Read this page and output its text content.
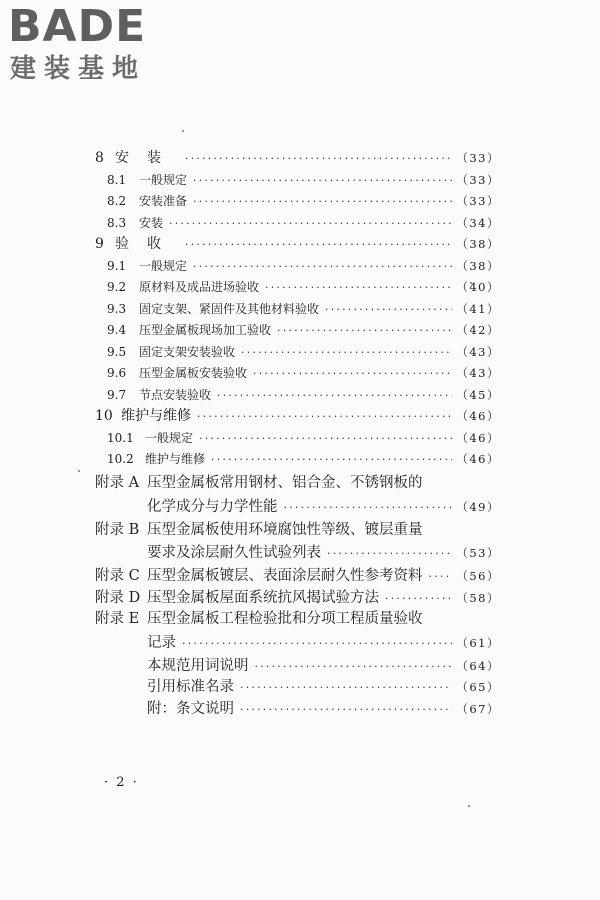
BADE
建装基地
8 安装 ·····	（33）
8.1	一般规定 ·····	（33）
8.2	安装准备 ·····	（33）
8.3	安装 ·····	（34）
9 验收 ·····	（38）
9.1	一般规定 ·····	（38）
9.2	原材料及成品进场验收 ·····	（40）
9.3	固定支架、紧固件及其他材料验收 ·····	（41）
9.4	压型金属板现场加工验收 ·····	（42）
9.5	固定支架安装验收 ·····	（43）
9.6	压型金属板安装验收 ·····	（43）
9.7	节点安装验收 ·····	（45）
10 维护与维修 ·····	（46）
10.1 一般规定 ·····	（46）
10.2 维护与维修 ·····	（46）
附录 A 压型金属板常用钢材、铝合金、不锈钢板的
化学成分与力学性能 ·····	（49）
附录 B 压型金属板使用环境腐蚀性等级、镀层重量
要求及涂层耐久性试验列表 ·····	（53）
附录 C 压型金属板镀层、表面涂层耐久性参考资料 ·····	（56）
附录 D 压型金属板屋面系统抗风揭试验方法 ·····	（58）
附录 E 压型金属板工程检验批和分项工程质量验收
记录 ·····	（61）
本规范用词说明 ·····	（64）
引用标准名录 ·····	（65）
附：条文说明 ·····	（67）
· 2 ·
